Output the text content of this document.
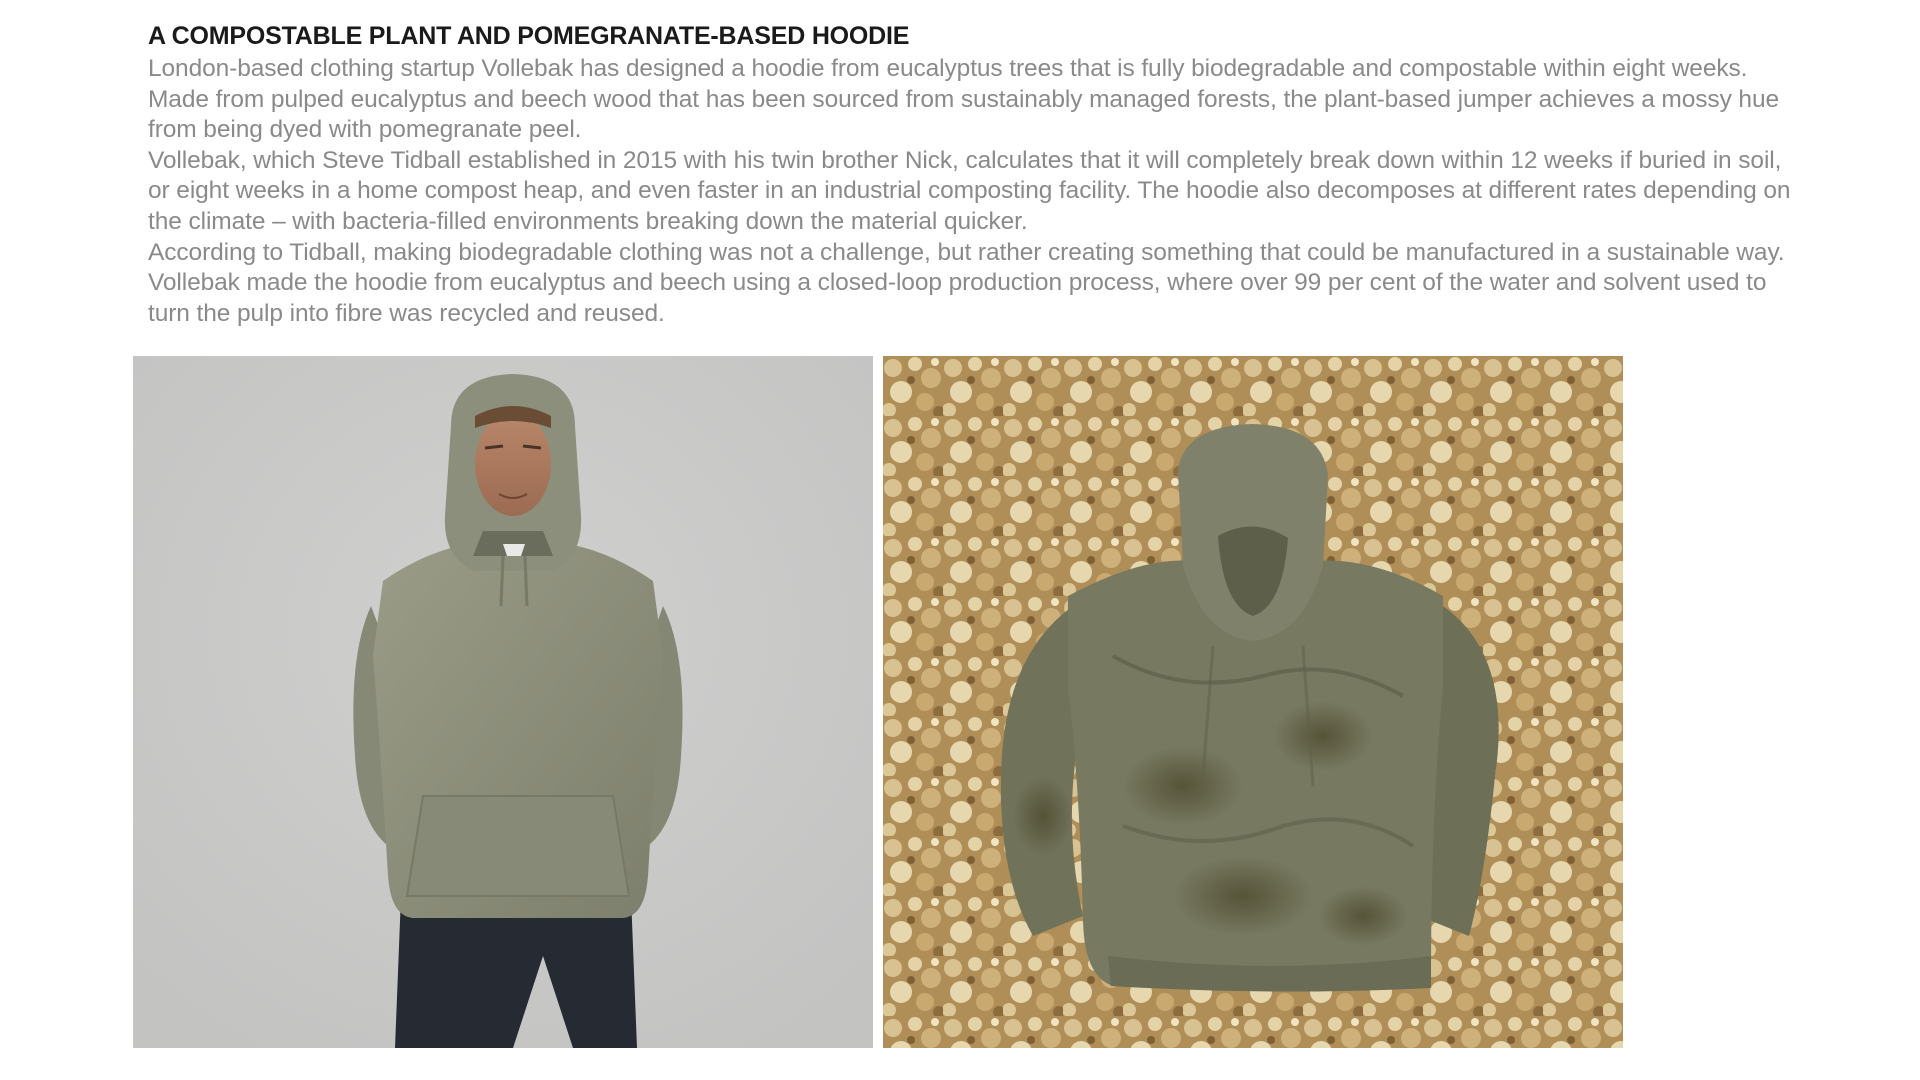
A COMPOSTABLE PLANT AND POMEGRANATE-BASED HOODIE

London-based clothing startup Vollebak has designed a hoodie from eucalyptus trees that is fully biodegradable and compostable within eight weeks. Made from pulped eucalyptus and beech wood that has been sourced from sustainably managed forests, the plant-based jumper achieves a mossy hue from being dyed with pomegranate peel.

Vollebak, which Steve Tidball established in 2015 with his twin brother Nick, calculates that it will completely break down within 12 weeks if buried in soil, or eight weeks in a home compost heap, and even faster in an industrial composting facility. The hoodie also decomposes at different rates depending on the climate – with bacteria-filled environments breaking down the material quicker.

According to Tidball, making biodegradable clothing was not a challenge, but rather creating something that could be manufactured in a sustainable way. Vollebak made the hoodie from eucalyptus and beech using a closed-loop production process, where over 99 per cent of the water and solvent used to turn the pulp into fibre was recycled and reused.
